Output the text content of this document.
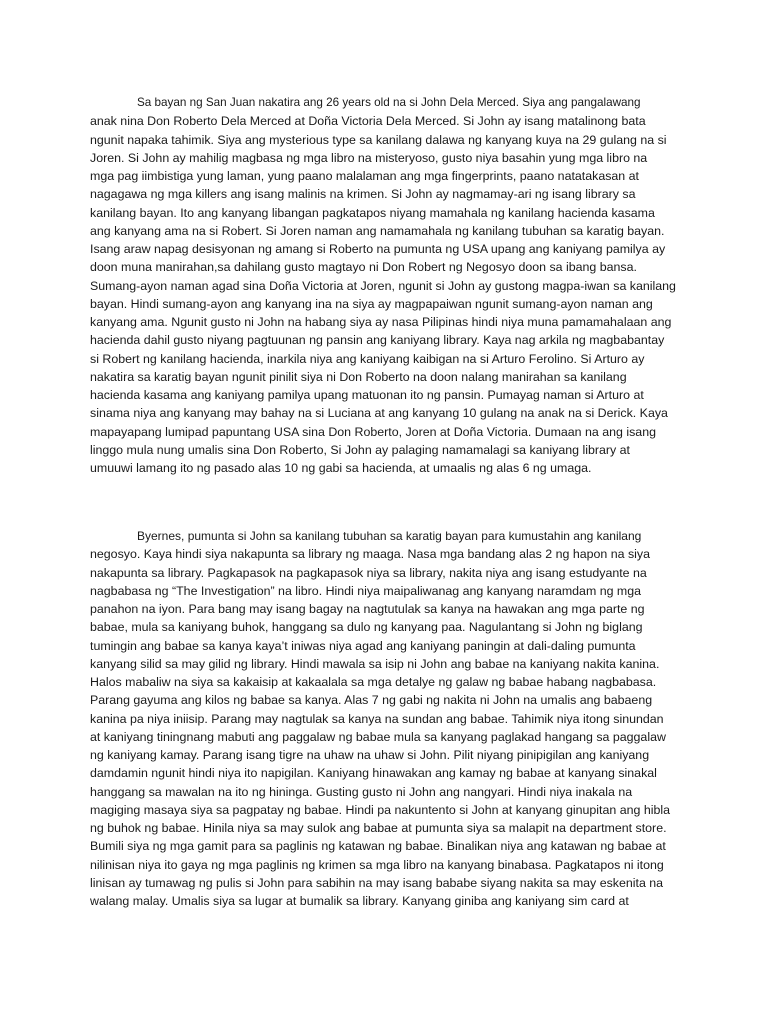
Sa bayan ng San Juan nakatira ang 26 years old na si John Dela Merced. Siya ang pangalawang
anak nina Don Roberto Dela Merced at Doña Victoria Dela Merced. Si John ay isang matalinong bata
ngunit napaka tahimik. Siya ang mysterious type sa kanilang dalawa ng kanyang kuya na 29 gulang na si
Joren. Si John ay mahilig magbasa ng mga libro na misteryoso, gusto niya basahin yung mga libro na
mga pag iimbistiga yung laman, yung paano malalaman ang mga fingerprints, paano natatakasan at
nagagawa ng mga killers ang isang malinis na krimen. Si John ay nagmamay-ari ng isang library sa
kanilang bayan. Ito ang kanyang libangan pagkatapos niyang mamahala ng kanilang hacienda kasama
ang kanyang ama na si Robert. Si Joren naman ang namamahala ng kanilang tubuhan sa karatig bayan.
Isang araw napag desisyonan ng amang si Roberto na pumunta ng USA upang ang kaniyang pamilya ay
doon muna manirahan,sa dahilang gusto magtayo ni Don Robert ng Negosyo doon sa ibang bansa.
Sumang-ayon naman agad sina Doña Victoria at Joren, ngunit si John ay gustong magpa-iwan sa kanilang
bayan. Hindi sumang-ayon ang kanyang ina na siya ay magpapaiwan ngunit sumang-ayon naman ang
kanyang ama. Ngunit gusto ni John na habang siya ay nasa Pilipinas hindi niya muna pamamahalaan ang
hacienda dahil gusto niyang pagtuunan ng pansin ang kaniyang library. Kaya nag arkila ng magbabantay
si Robert ng kanilang hacienda, inarkila niya ang kaniyang kaibigan na si Arturo Ferolino. Si Arturo ay
nakatira sa karatig bayan ngunit pinilit siya ni Don Roberto na doon nalang manirahan sa kanilang
hacienda kasama ang kaniyang pamilya upang matuonan ito ng pansin. Pumayag naman si Arturo at
sinama niya ang kanyang may bahay na si Luciana at ang kanyang 10 gulang na anak na si Derick. Kaya
mapayapang lumipad papuntang USA sina Don Roberto, Joren at Doña Victoria. Dumaan na ang isang
linggo mula nung umalis sina Don Roberto, Si John ay palaging namamalagi sa kaniyang library at
umuuwi lamang ito ng pasado alas 10 ng gabi sa hacienda, at umaalis ng alas 6 ng umaga.
Byernes, pumunta si John sa kanilang tubuhan sa karatig bayan para kumustahin ang kanilang
negosyo. Kaya hindi siya nakapunta sa library ng maaga. Nasa mga bandang alas 2 ng hapon na siya
nakapunta sa library. Pagkapasok na pagkapasok niya sa library, nakita niya ang isang estudyante na
nagbabasa ng “The Investigation” na libro. Hindi niya maipaliwanag ang kanyang naramdam ng mga
panahon na iyon. Para bang may isang bagay na nagtutulak sa kanya na hawakan ang mga parte ng
babae, mula sa kaniyang buhok, hanggang sa dulo ng kanyang paa. Nagulantang si John ng biglang
tumingin ang babae sa kanya kaya’t iniwas niya agad ang kaniyang paningin at dali-daling pumunta
kanyang silid sa may gilid ng library. Hindi mawala sa isip ni John ang babae na kaniyang nakita kanina.
Halos mabaliw na siya sa kakaisip at kakaalala sa mga detalye ng galaw ng babae habang nagbabasa.
Parang gayuma ang kilos ng babae sa kanya. Alas 7 ng gabi ng nakita ni John na umalis ang babaeng
kanina pa niya iniisip. Parang may nagtulak sa kanya na sundan ang babae. Tahimik niya itong sinundan
at kaniyang tiningnang mabuti ang paggalaw ng babae mula sa kanyang paglakad hangang sa paggalaw
ng kaniyang kamay. Parang isang tigre na uhaw na uhaw si John. Pilit niyang pinipigilan ang kaniyang
damdamin ngunit hindi niya ito napigilan. Kaniyang hinawakan ang kamay ng babae at kanyang sinakal
hanggang sa mawalan na ito ng hininga. Gusting gusto ni John ang nangyari. Hindi niya inakala na
magiging masaya siya sa pagpatay ng babae. Hindi pa nakuntento si John at kanyang ginupitan ang hibla
ng buhok ng babae. Hinila niya sa may sulok ang babae at pumunta siya sa malapit na department store.
Bumili siya ng mga gamit para sa paglinis ng katawan ng babae. Binalikan niya ang katawan ng babae at
nilinisan niya ito gaya ng mga paglinis ng krimen sa mga libro na kanyang binabasa. Pagkatapos ni itong
linisan ay tumawag ng pulis si John para sabihin na may isang bababe siyang nakita sa may eskenita na
walang malay. Umalis siya sa lugar at bumalik sa library. Kanyang giniba ang kaniyang sim card at
